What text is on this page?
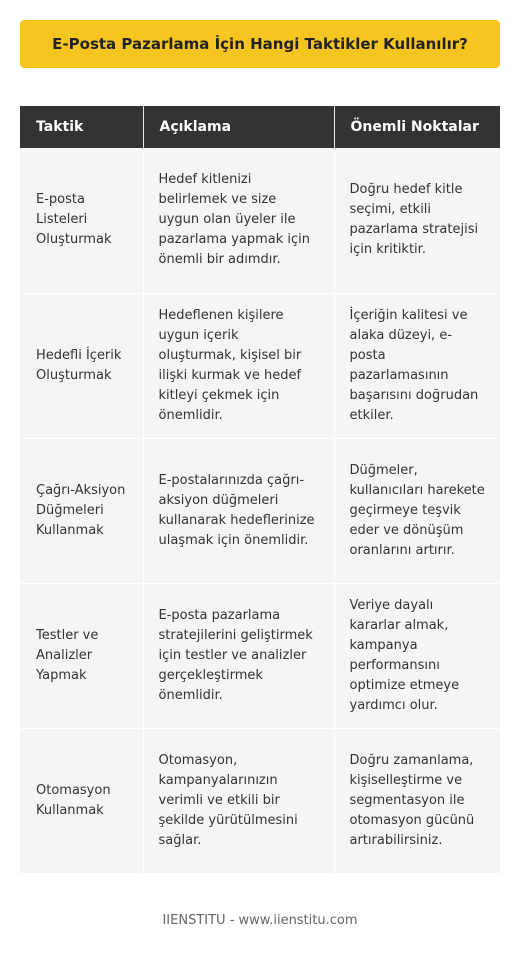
E-Posta Pazarlama İçin Hangi Taktikler Kullanılır?
Taktik	Açıklama	Önemli Noktalar
E-posta Listeleri Oluşturmak	Hedef kitlenizi belirlemek ve size uygun olan üyeler ile pazarlama yapmak için önemli bir adımdır.	Doğru hedef kitle seçimi, etkili pazarlama stratejisi için kritiktir.
Hedefli İçerik Oluşturmak	Hedeflenen kişilere uygun içerik oluşturmak, kişisel bir ilişki kurmak ve hedef kitleyi çekmek için önemlidir.	İçeriğin kalitesi ve alaka düzeyi, e-posta pazarlamasının başarısını doğrudan etkiler.
Çağrı-Aksiyon Düğmeleri Kullanmak	E-postalarınızda çağrı-aksiyon düğmeleri kullanarak hedeflerinize ulaşmak için önemlidir.	Düğmeler, kullanıcıları harekete geçirmeye teşvik eder ve dönüşüm oranlarını artırır.
Testler ve Analizler Yapmak	E-posta pazarlama stratejilerini geliştirmek için testler ve analizler gerçekleştirmek önemlidir.	Veriye dayalı kararlar almak, kampanya performansını optimize etmeye yardımcı olur.
Otomasyon Kullanmak	Otomasyon, kampanyalarınızın verimli ve etkili bir şekilde yürütülmesini sağlar.	Doğru zamanlama, kişiselleştirme ve segmentasyon ile otomasyon gücünü artırabilirsiniz.
IIENSTITU - www.iienstitu.com
